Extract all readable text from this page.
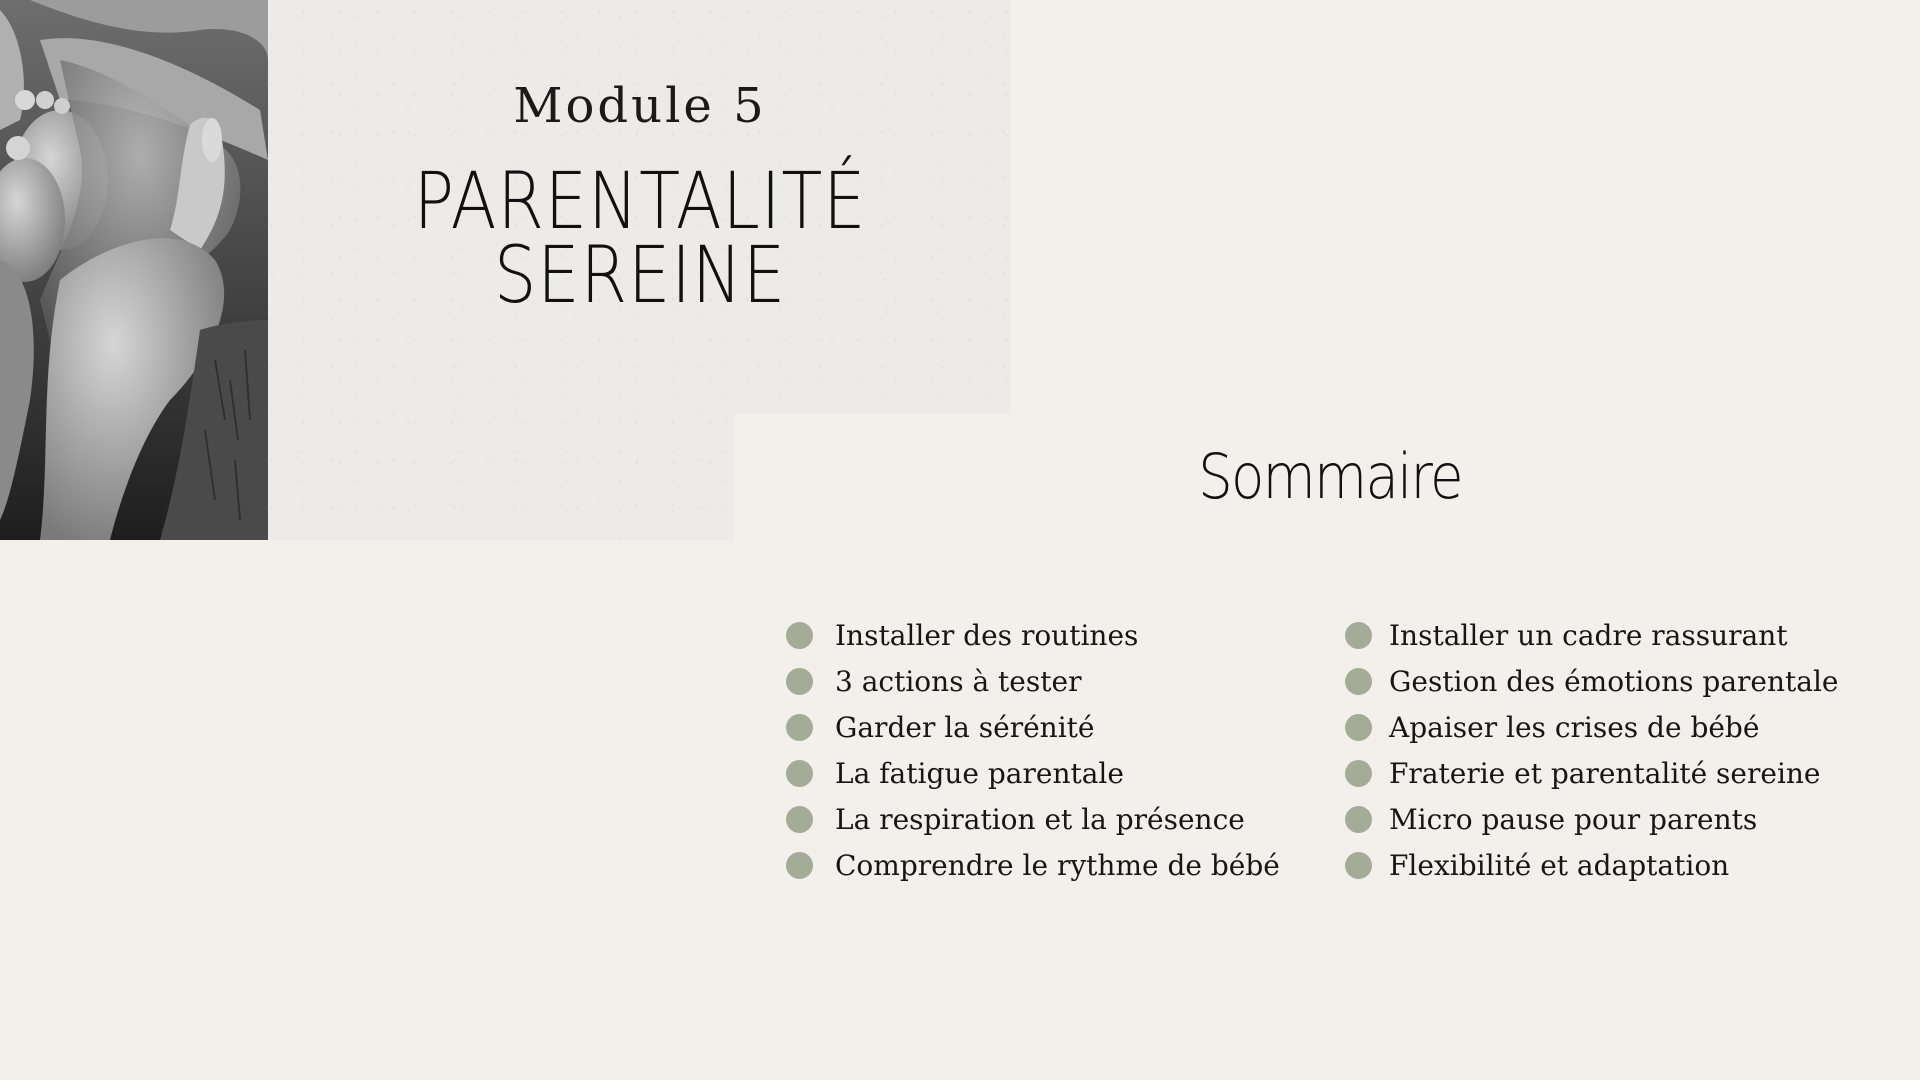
Module 5
PARENTALITÉ
SEREINE
Sommaire
Installer des routines
3 actions à tester
Garder la sérénité
La fatigue parentale
La respiration et la présence
Comprendre le rythme de bébé
Installer un cadre rassurant
Gestion des émotions parentale
Apaiser les crises de bébé
Fraterie et parentalité sereine
Micro pause pour parents
Flexibilité et adaptation
